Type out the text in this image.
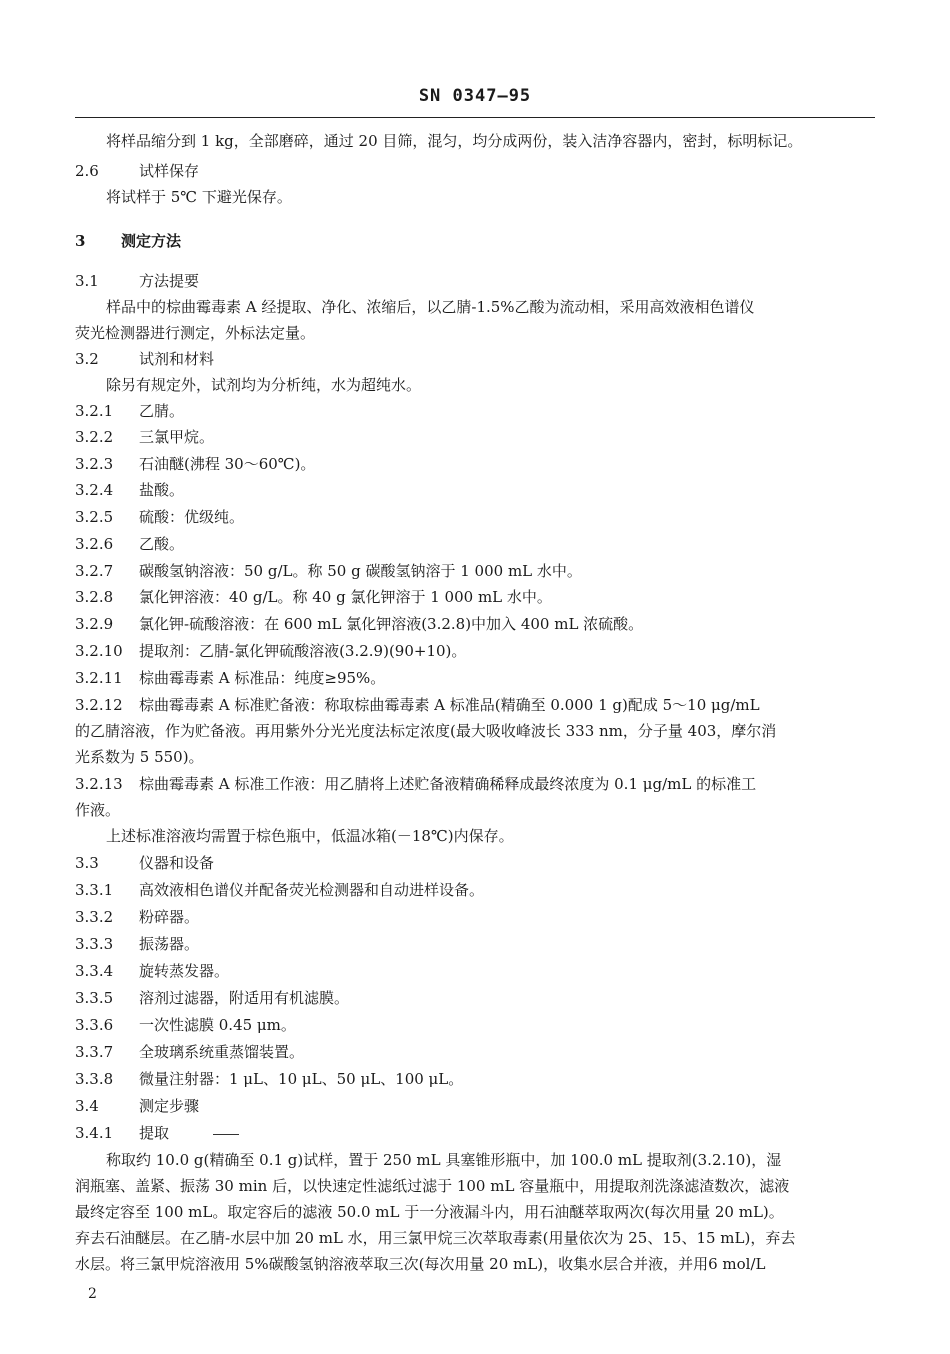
SN 0347—95
将样品缩分到 1 kg，全部磨碎，通过 20 目筛，混匀，均分成两份，装入洁净容器内，密封，标明标记。
2.6	试样保存
将试样于 5℃ 下避光保存。
3 测定方法
3.1	方法提要
样品中的棕曲霉毒素 A 经提取、净化、浓缩后，以乙腈-1.5%乙酸为流动相，采用高效液相色谱仪
荧光检测器进行测定，外标法定量。
3.2	试剂和材料
除另有规定外，试剂均为分析纯，水为超纯水。
3.2.1 乙腈。
3.2.2 三氯甲烷。
3.2.3 石油醚(沸程 30～60℃)。
3.2.4 盐酸。
3.2.5 硫酸：优级纯。
3.2.6 乙酸。
3.2.7 碳酸氢钠溶液：50 g/L。称 50 g 碳酸氢钠溶于 1 000 mL 水中。
3.2.8 氯化钾溶液：40 g/L。称 40 g 氯化钾溶于 1 000 mL 水中。
3.2.9 氯化钾-硫酸溶液：在 600 mL 氯化钾溶液(3.2.8)中加入 400 mL 浓硫酸。
3.2.10 提取剂：乙腈-氯化钾硫酸溶液(3.2.9)(90+10)。
3.2.11 棕曲霉毒素 A 标准品：纯度≥95%。
3.2.12 棕曲霉毒素 A 标准贮备液：称取棕曲霉毒素 A 标准品(精确至 0.000 1 g)配成 5～10 μg/mL
的乙腈溶液，作为贮备液。再用紫外分光光度法标定浓度(最大吸收峰波长 333 nm，分子量 403，摩尔消
光系数为 5 550)。
3.2.13 棕曲霉毒素 A 标准工作液：用乙腈将上述贮备液精确稀释成最终浓度为 0.1 μg/mL 的标准工
作液。
上述标准溶液均需置于棕色瓶中，低温冰箱(－18℃)内保存。
3.3	仪器和设备
3.3.1 高效液相色谱仪并配备荧光检测器和自动进样设备。
3.3.2 粉碎器。
3.3.3 振荡器。
3.3.4 旋转蒸发器。
3.3.5 溶剂过滤器，附适用有机滤膜。
3.3.6 一次性滤膜 0.45 μm。
3.3.7 全玻璃系统重蒸馏装置。
3.3.8 微量注射器：1 μL、10 μL、50 μL、100 μL。
3.4	测定步骤
3.4.1 提取
称取约 10.0 g(精确至 0.1 g)试样，置于 250 mL 具塞锥形瓶中，加 100.0 mL 提取剂(3.2.10)，湿
润瓶塞、盖紧、振荡 30 min 后，以快速定性滤纸过滤于 100 mL 容量瓶中，用提取剂洗涤滤渣数次，滤液
最终定容至 100 mL。取定容后的滤液 50.0 mL 于一分液漏斗内，用石油醚萃取两次(每次用量 20 mL)。
弃去石油醚层。在乙腈-水层中加 20 mL 水，用三氯甲烷三次萃取毒素(用量依次为 25、15、15 mL)，弃去
水层。将三氯甲烷溶液用 5%碳酸氢钠溶液萃取三次(每次用量 20 mL)，收集水层合并液，并用6 mol/L
2
